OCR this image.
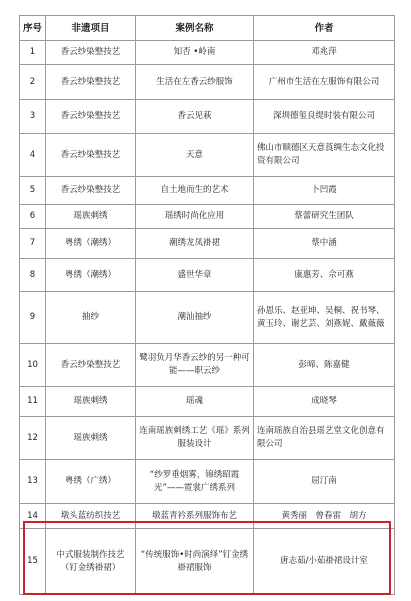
序号	非遗项目	案例名称	作者
1	香云纱染整技艺	知否 •岭南	邓兆萍
2	香云纱染整技艺	生活在左香云纱服饰	广州市生活在左服饰有限公司
3	香云纱染整技艺	香云见萩	深圳德玺良缇时装有限公司
4	香云纱染整技艺	天意	佛山市顺德区天意莨绸生态文化投资有限公司
5	香云纱染整技艺	自土地而生的艺术	卜凹霞
6	瑶族刺绣	瑶绣时尚化应用	蔡蕾研究生团队
7	粤绣（潮绣）	潮绣龙凤褂裙	蔡中涵
8	粤绣（潮绣）	盛世华章	康惠芳、佘可燕
9	抽纱	潮汕抽纱	孙恩乐、赵亚坤、吴桐、祝书琴、黄玉玲、谢艺芸、刘燕妮、戴薇薇
10	香云纱染整技艺	鹭羽负月华香云纱的另一种可能——职云纱	彭啼、陈嘉健
11	瑶族刺绣	瑶魂	成晓琴
12	瑶族刺绣	连南瑶族刺绣工艺《瑶》系列服装设计	连南瑶族自治县瑶艺堂文化创意有限公司
13	粤绣（广绣）	“纱罗垂烟雾，锦绣昭霞光”——霓裳广绣系列	屈汀南
14	墩头蓝纺织技艺	墩蓝青衿系列服饰布艺	黄秀丽　曾春雷　胡方
15	中式服装制作技艺（钉金绣褂裙）	“传统服饰•时尚演绎”钉金绣褂裙服饰	唐志茹/小茹褂裙设计室
